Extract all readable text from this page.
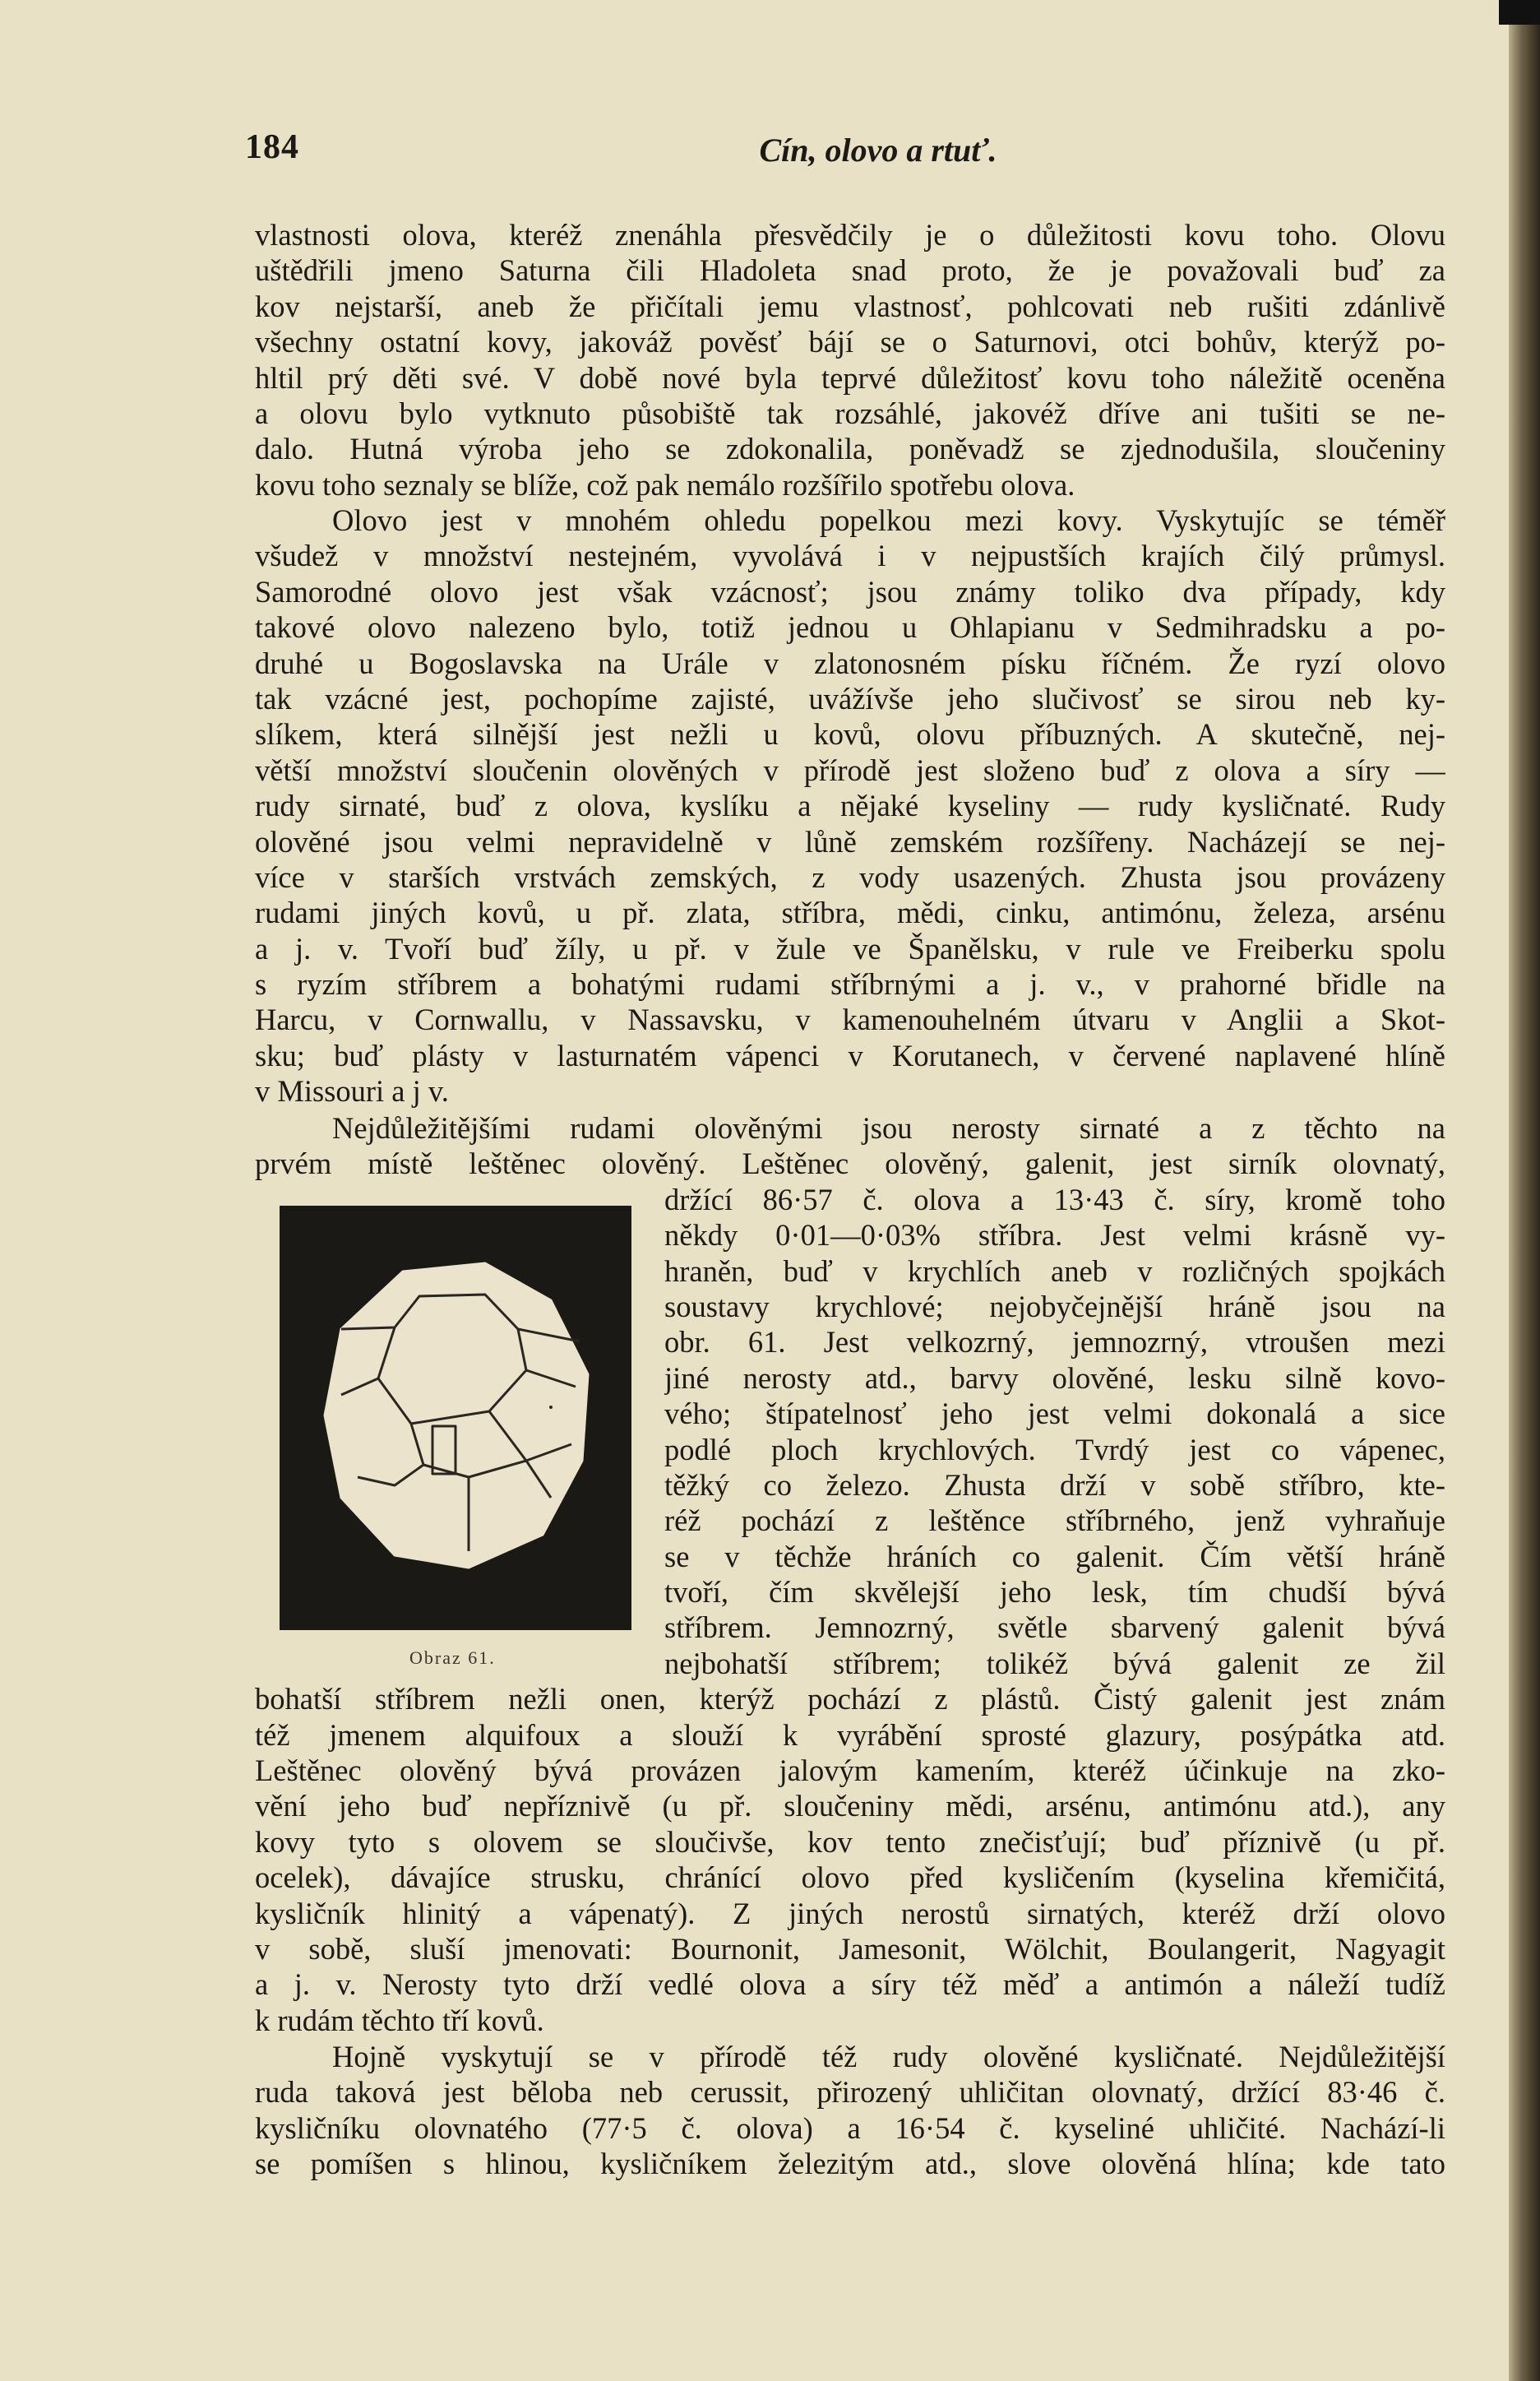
184	Cín, olovo a rtuť.
vlastnosti olova, kteréž znenáhla přesvědčily je o důležitosti kovu toho. Olovu
uštědřili jmeno Saturna čili Hladoleta snad proto, že je považovali buď za
kov nejstarší, aneb že přičítali jemu vlastnosť, pohlcovati neb rušiti zdánlivě
všechny ostatní kovy, jakováž pověsť bájí se o Saturnovi, otci bohův, kterýž po-
hltil prý děti své. V době nové byla teprvé důležitosť kovu toho náležitě oceněna
a olovu bylo vytknuto působiště tak rozsáhlé, jakovéž dříve ani tušiti se ne-
dalo. Hutná výroba jeho se zdokonalila, poněvadž se zjednodušila, sloučeniny
kovu toho seznaly se blíže, což pak nemálo rozšířilo spotřebu olova.
Olovo jest v mnohém ohledu popelkou mezi kovy. Vyskytujíc se téměř
všudež v množství nestejném, vyvolává i v nejpustších krajích čilý průmysl.
Samorodné olovo jest však vzácnosť; jsou známy toliko dva případy, kdy
takové olovo nalezeno bylo, totiž jednou u Ohlapianu v Sedmihradsku a po-
druhé u Bogoslavska na Urále v zlatonosném písku říčném. Že ryzí olovo
tak vzácné jest, pochopíme zajisté, uvážívše jeho slučivosť se sirou neb ky-
slíkem, která silnější jest nežli u kovů, olovu příbuzných. A skutečně, nej-
větší množství sloučenin olověných v přírodě jest složeno buď z olova a síry —
rudy sirnaté, buď z olova, kyslíku a nějaké kyseliny — rudy kysličnaté. Rudy
olověné jsou velmi nepravidelně v lůně zemském rozšířeny. Nacházejí se nej-
více v starších vrstvách zemských, z vody usazených. Zhusta jsou provázeny
rudami jiných kovů, u př. zlata, stříbra, mědi, cinku, antimónu, železa, arsénu
a j. v. Tvoří buď žíly, u př. v žule ve Španělsku, v rule ve Freiberku spolu
s ryzím stříbrem a bohatými rudami stříbrnými a j. v., v prahorné břidle na
Harcu, v Cornwallu, v Nassavsku, v kamenouhelném útvaru v Anglii a Skot-
sku; buď plásty v lasturnatém vápenci v Korutanech, v červené naplavené hlíně
v Missouri a j v.
Nejdůležitějšími rudami olověnými jsou nerosty sirnaté a z těchto na
prvém místě leštěnec olověný. Leštěnec olověný, galenit, jest sirník olovnatý,
držící 86·57 č. olova a 13·43 č. síry, kromě toho
někdy 0·01—0·03% stříbra. Jest velmi krásně vy-
hraněn, buď v krychlích aneb v rozličných spojkách
soustavy krychlové; nejobyčejnější hráně jsou na
obr. 61. Jest velkozrný, jemnozrný, vtroušen mezi
jiné nerosty atd., barvy olověné, lesku silně kovo-
vého; štípatelnosť jeho jest velmi dokonalá a sice
podlé ploch krychlových. Tvrdý jest co vápenec,
těžký co železo. Zhusta drží v sobě stříbro, kte-
réž pochází z leštěnce stříbrného, jenž vyhraňuje
se v těchže hráních co galenit. Čím větší hráně
tvoří, čím skvělejší jeho lesk, tím chudší bývá
stříbrem. Jemnozrný, světle sbarvený galenit bývá
nejbohatší stříbrem; tolikéž bývá galenit ze žil
bohatší stříbrem nežli onen, kterýž pochází z plástů. Čistý galenit jest znám
též jmenem alquifoux a slouží k vyrábění sprosté glazury, posýpátka atd.
Leštěnec olověný bývá provázen jalovým kamením, kteréž účinkuje na zko-
vění jeho buď nepříznivě (u př. sloučeniny mědi, arsénu, antimónu atd.), any
kovy tyto s olovem se sloučivše, kov tento znečisťují; buď příznivě (u př.
ocelek), dávajíce strusku, chránící olovo před kysličením (kyselina křemičitá,
kysličník hlinitý a vápenatý). Z jiných nerostů sirnatých, kteréž drží olovo
v sobě, sluší jmenovati: Bournonit, Jamesonit, Wölchit, Boulangerit, Nagyagit
a j. v. Nerosty tyto drží vedlé olova a síry též měď a antimón a náleží tudíž
k rudám těchto tří kovů.
Hojně vyskytují se v přírodě též rudy olověné kysličnaté. Nejdůležitější
ruda taková jest běloba neb cerussit, přirozený uhličitan olovnatý, držící 83·46 č.
kysličníku olovnatého (77·5 č. olova) a 16·54 č. kyseliné uhličité. Nachází-li
se pomíšen s hlinou, kysličníkem železitým atd., slove olověná hlína; kde tato
Obraz 61.
